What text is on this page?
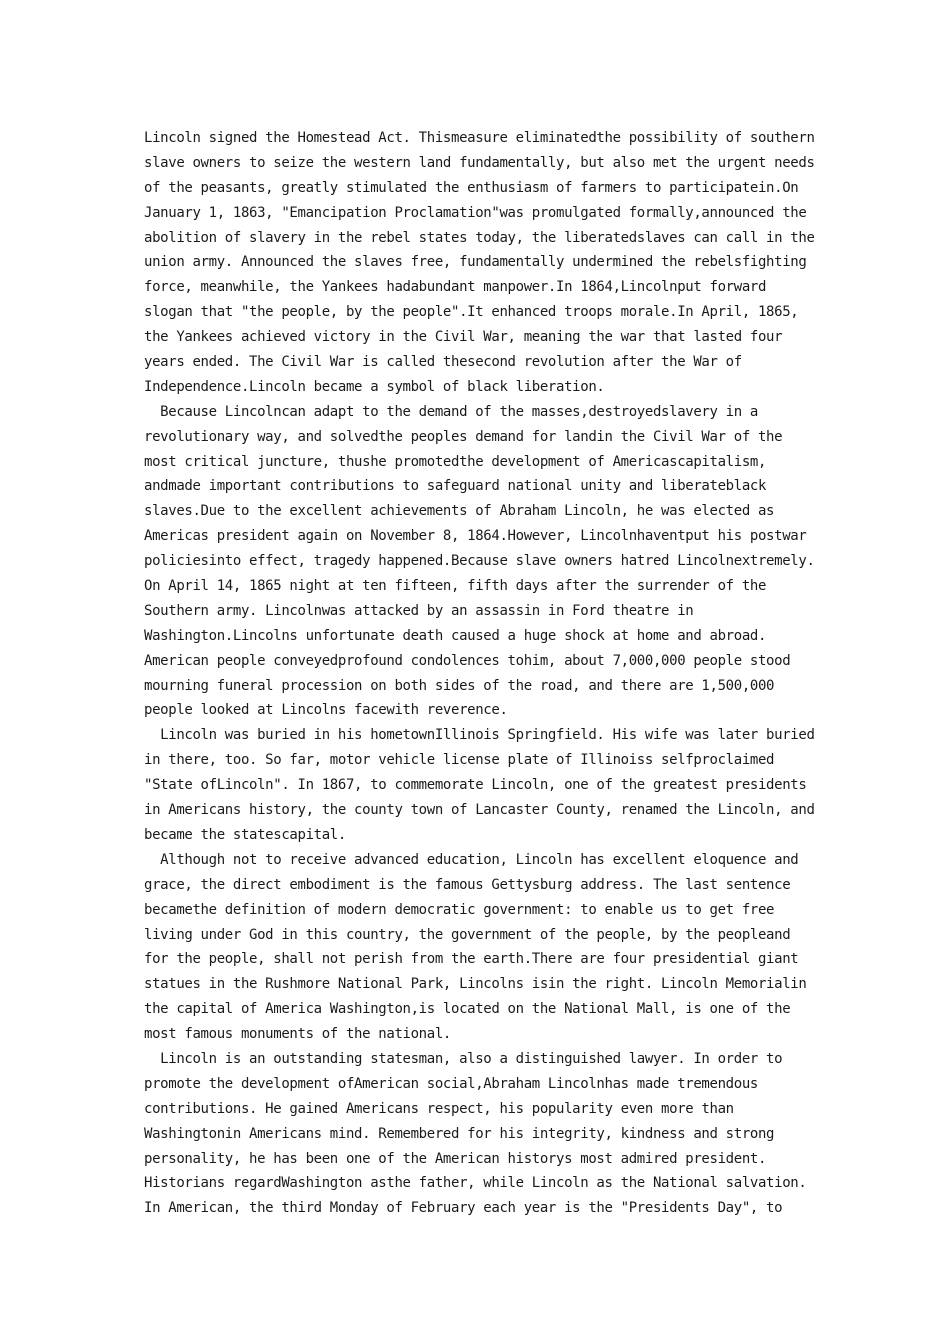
Lincoln signed the Homestead Act. Thismeasure eliminatedthe possibility of southern
slave owners to seize the western land fundamentally, but also met the urgent needs
of the peasants, greatly stimulated the enthusiasm of farmers to participatein.On
January 1, 1863, "Emancipation Proclamation"was promulgated formally,announced the
abolition of slavery in the rebel states today, the liberatedslaves can call in the
union army. Announced the slaves free, fundamentally undermined the rebelsfighting
force, meanwhile, the Yankees hadabundant manpower.In 1864,Lincolnput forward
slogan that "the people, by the people".It enhanced troops morale.In April, 1865,
the Yankees achieved victory in the Civil War, meaning the war that lasted four
years ended. The Civil War is called thesecond revolution after the War of
Independence.Lincoln became a symbol of black liberation.
Because Lincolncan adapt to the demand of the masses,destroyedslavery in a
revolutionary way, and solvedthe peoples demand for landin the Civil War of the
most critical juncture, thushe promotedthe development of Americascapitalism,
andmade important contributions to safeguard national unity and liberateblack
slaves.Due to the excellent achievements of Abraham Lincoln, he was elected as
Americas president again on November 8, 1864.However, Lincolnhaventput his postwar
policiesinto effect, tragedy happened.Because slave owners hatred Lincolnextremely.
On April 14, 1865 night at ten fifteen, fifth days after the surrender of the
Southern army. Lincolnwas attacked by an assassin in Ford theatre in
Washington.Lincolns unfortunate death caused a huge shock at home and abroad.
American people conveyedprofound condolences tohim, about 7,000,000 people stood
mourning funeral procession on both sides of the road, and there are 1,500,000
people looked at Lincolns facewith reverence.
Lincoln was buried in his hometownIllinois Springfield. His wife was later buried
in there, too. So far, motor vehicle license plate of Illinoiss selfproclaimed
"State ofLincoln". In 1867, to commemorate Lincoln, one of the greatest presidents
in Americans history, the county town of Lancaster County, renamed the Lincoln, and
became the statescapital.
Although not to receive advanced education, Lincoln has excellent eloquence and
grace, the direct embodiment is the famous Gettysburg address. The last sentence
becamethe definition of modern democratic government: to enable us to get free
living under God in this country, the government of the people, by the peopleand
for the people, shall not perish from the earth.There are four presidential giant
statues in the Rushmore National Park, Lincolns isin the right. Lincoln Memorialin
the capital of America Washington,is located on the National Mall, is one of the
most famous monuments of the national.
Lincoln is an outstanding statesman, also a distinguished lawyer. In order to
promote the development ofAmerican social,Abraham Lincolnhas made tremendous
contributions. He gained Americans respect, his popularity even more than
Washingtonin Americans mind. Remembered for his integrity, kindness and strong
personality, he has been one of the American historys most admired president.
Historians regardWashington asthe father, while Lincoln as the National salvation.
In American, the third Monday of February each year is the "Presidents Day", to
